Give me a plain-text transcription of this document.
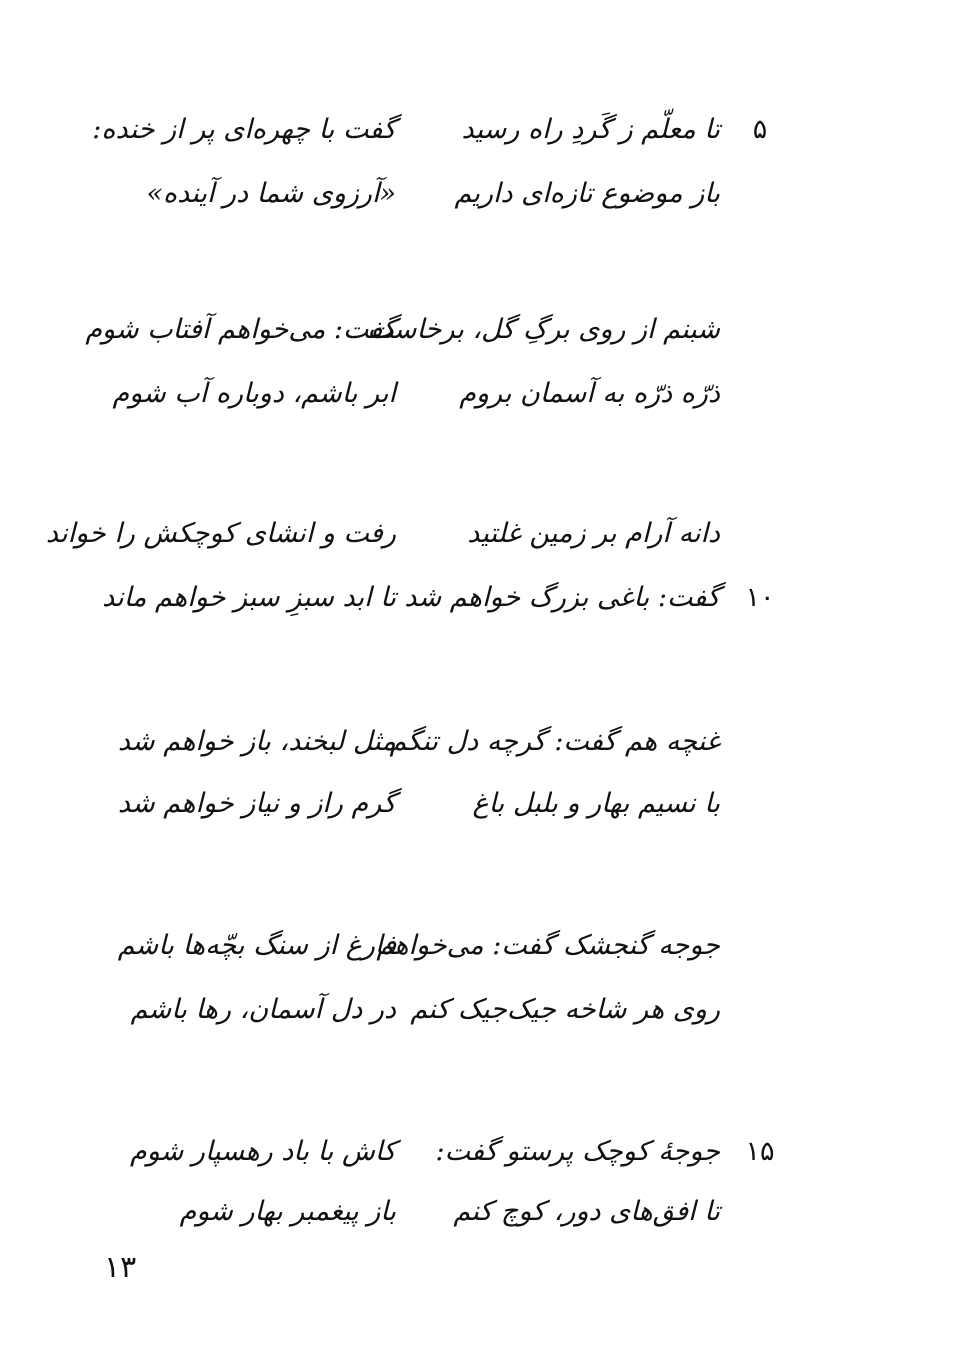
۵
تا معلّم ز گَردِ راه رسید
گفت با چهره‌ای پر از خنده:
باز موضوع تازه‌ای داریم
«آرزوی شما در آینده»
شبنم از روی برگِ گل، برخاست
گفت: می‌خواهم آفتاب شوم
ذرّه ذرّه به آسمان بروم
ابر باشم، دوباره آب شوم
دانه آرام بر زمین غلتید
رفت و انشای کوچکش را خواند
۱۰
گفت: باغی بزرگ خواهم شد
تا ابد سبزِ سبز خواهم ماند
غنچه هم گفت: گرچه دل تنگم
مثل لبخند، باز خواهم شد
با نسیم بهار و بلبل باغ
گرم راز و نیاز خواهم شد
جوجه گنجشک گفت: می‌خواهم
فارغ از سنگ بچّه‌ها باشم
روی هر شاخه جیک‌جیک کنم
در دل آسمان، رها باشم
۱۵
جوجهٔ کوچک پرستو گفت:
کاش با باد رهسپار شوم
تا افق‌های دور، کوچ کنم
باز پیغمبر بهار شوم
۱۳
